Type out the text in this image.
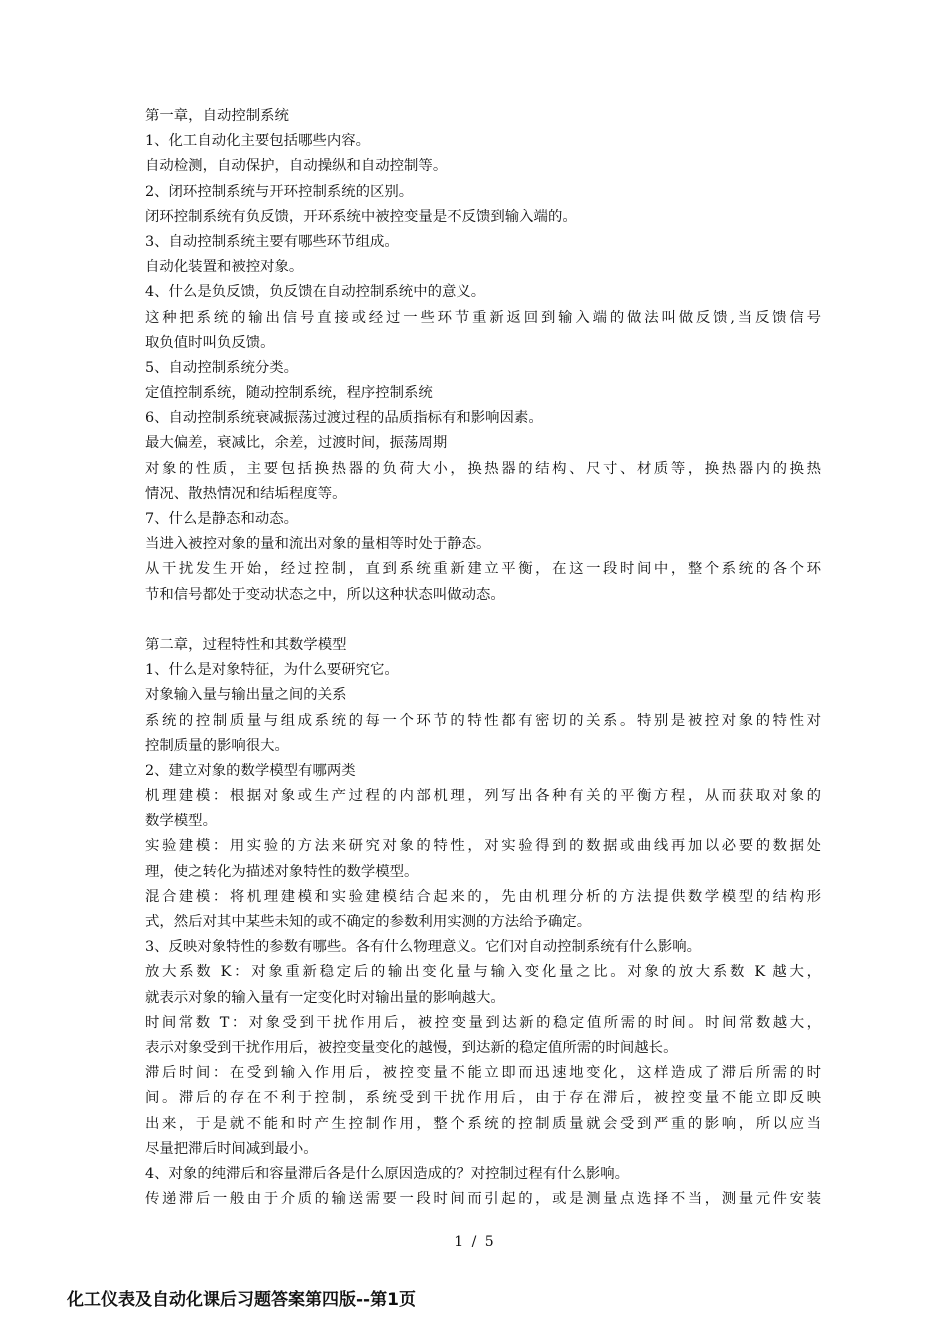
第一章，自动控制系统
1、化工自动化主要包括哪些内容。
自动检测，自动保护，自动操纵和自动控制等。
2、闭环控制系统与开环控制系统的区别。
闭环控制系统有负反馈，开环系统中被控变量是不反馈到输入端的。
3、自动控制系统主要有哪些环节组成。
自动化装置和被控对象。
4、什么是负反馈，负反馈在自动控制系统中的意义。
这种把系统的输出信号直接或经过一些环节重新返回到输入端的做法叫做反馈,当反馈信号
取负值时叫负反馈。
5、自动控制系统分类。
定值控制系统，随动控制系统，程序控制系统
6、自动控制系统衰减振荡过渡过程的品质指标有和影响因素。
最大偏差，衰减比，余差，过渡时间，振荡周期
对象的性质，主要包括换热器的负荷大小，换热器的结构、尺寸、材质等，换热器内的换热
情况、散热情况和结垢程度等。
7、什么是静态和动态。
当进入被控对象的量和流出对象的量相等时处于静态。
从干扰发生开始，经过控制，直到系统重新建立平衡，在这一段时间中，整个系统的各个环
节和信号都处于变动状态之中，所以这种状态叫做动态。
第二章，过程特性和其数学模型
1、什么是对象特征，为什么要研究它。
对象输入量与输出量之间的关系
系统的控制质量与组成系统的每一个环节的特性都有密切的关系。特别是被控对象的特性对
控制质量的影响很大。
2、建立对象的数学模型有哪两类
机理建模：根据对象或生产过程的内部机理，列写出各种有关的平衡方程，从而获取对象的
数学模型。
实验建模：用实验的方法来研究对象的特性，对实验得到的数据或曲线再加以必要的数据处
理，使之转化为描述对象特性的数学模型。
混合建模：将机理建模和实验建模结合起来的，先由机理分析的方法提供数学模型的结构形
式，然后对其中某些未知的或不确定的参数利用实测的方法给予确定。
3、反映对象特性的参数有哪些。各有什么物理意义。它们对自动控制系统有什么影响。
放大系数 K：对象重新稳定后的输出变化量与输入变化量之比。对象的放大系数 K 越大，
就表示对象的输入量有一定变化时对输出量的影响越大。
时间常数 T：对象受到干扰作用后，被控变量到达新的稳定值所需的时间。时间常数越大，
表示对象受到干扰作用后，被控变量变化的越慢，到达新的稳定值所需的时间越长。
滞后时间：在受到输入作用后，被控变量不能立即而迅速地变化，这样造成了滞后所需的时
间。滞后的存在不利于控制，系统受到干扰作用后，由于存在滞后，被控变量不能立即反映
出来，于是就不能和时产生控制作用，整个系统的控制质量就会受到严重的影响，所以应当
尽量把滞后时间减到最小。
4、对象的纯滞后和容量滞后各是什么原因造成的？对控制过程有什么影响。
传递滞后一般由于介质的输送需要一段时间而引起的，或是测量点选择不当，测量元件安装
1 / 5
化工仪表及自动化课后习题答案第四版--第1页
